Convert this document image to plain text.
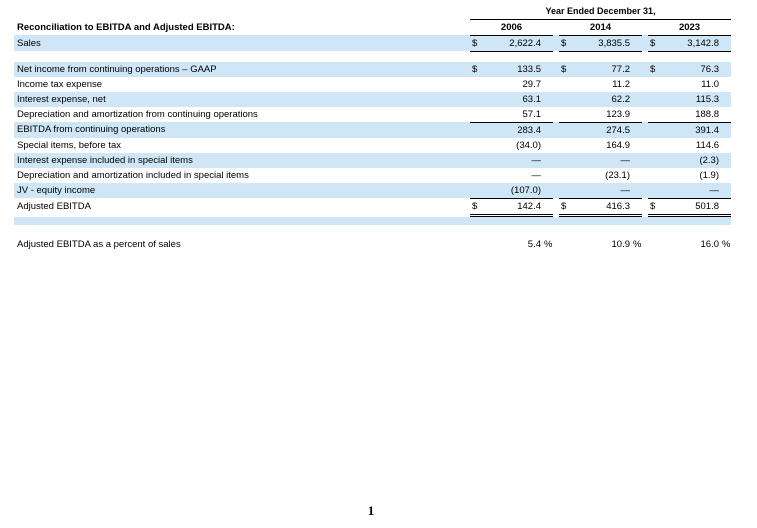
	Year Ended December 31,										
Reconciliation to EBITDA and Adjusted EBITDA:	2006				2014				2023		
Sales	$	2,622.4			$	3,835.5			$	3,142.8	

Net income from continuing operations – GAAP	$	133.5			$	77.2			$	76.3	
Income tax expense		29.7				11.2				11.0	
Interest expense, net		63.1				62.2				115.3	
Depreciation and amortization from continuing operations		57.1				123.9				188.8	
EBITDA from continuing operations		283.4				274.5				391.4	
Special items, before tax		(34.0)				164.9				114.6	
Interest expense included in special items		—				—				(2.3)	
Depreciation and amortization included in special items		—				(23.1)				(1.9)	
JV - equity income		(107.0)				—				—	
Adjusted EBITDA	$	142.4			$	416.3			$	501.8	

Adjusted EBITDA as a percent of sales		5.4	%			10.9	%			16.0	%
1
